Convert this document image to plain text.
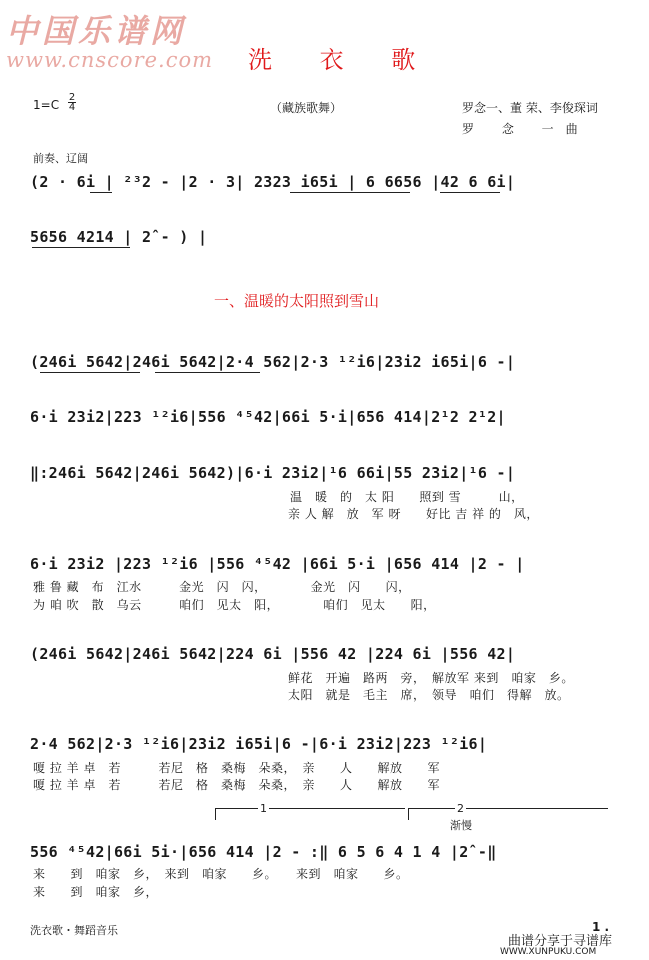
中国乐谱网
www.cnscore.com 洗 衣 歌
1=C
2
4	（藏族歌舞）	罗念一、董 荣、李俊琛词
罗 念 一曲
前奏、辽阔
(2 · 6i | ²³2 - |2 · 3| 2323 i65i | 6 6656 |42 6 6i|
5656 4214 | 2̂ - ) |
一、温暖的太阳照到雪山
(246i 5642|246i 5642|2·4 562|2·3 ¹²i6|23i2 i65i|6 -|
6·i 23i2|223 ¹²i6|556 ⁴⁵42|66i 5·i|656 414|2¹2 2¹2|
‖:246i 5642|246i 5642)|6·i 23i2|¹6 66i|55 23i2|¹6 -|
温　暖　的　太 阳　　照到 雪　　　山，
亲 人 解　放　军 呀　　好比 吉 祥 的　风，
6·i 23i2 |223 ¹²i6 |556 ⁴⁵42 |66i 5·i |656 414 |2 - |
雅 鲁 藏　布　江水　　　金光　闪　闪，　　　　金光　闪　　闪，
为 咱 吹　散　乌云　　　咱们　见太　阳，　　　　咱们　见太　　阳，
(246i 5642|246i 5642|224 6i |556 42 |224 6i |556 42|
鲜花　开遍　路两　旁，　解放军 来到　咱家　乡。
太阳　就是　毛主　席，　领导　咱们　得解　放。
2·4 562|2·3 ¹²i6|23i2 i65i|6 -|6·i 23i2|223 ¹²i6|
嗄 拉 羊 卓　若　　　若尼　格　桑梅　朵桑，　亲　　人　　解放　　军
嗄 拉 羊 卓　若　　　若尼　格　桑梅　朵桑，　亲　　人　　解放　　军
1	2
渐慢
556 ⁴⁵42|66i 5i·|656 414 |2 - :‖ 6 5 6 4 1 4 |2̂ -‖
来　　到　咱家　乡，　来到　咱家　　乡。　　来到　咱家　　乡。
来　　到　咱家　乡，
洗衣歌・舞蹈音乐	1 .
曲谱分享于寻谱库
WWW.XUNPUKU.COM
